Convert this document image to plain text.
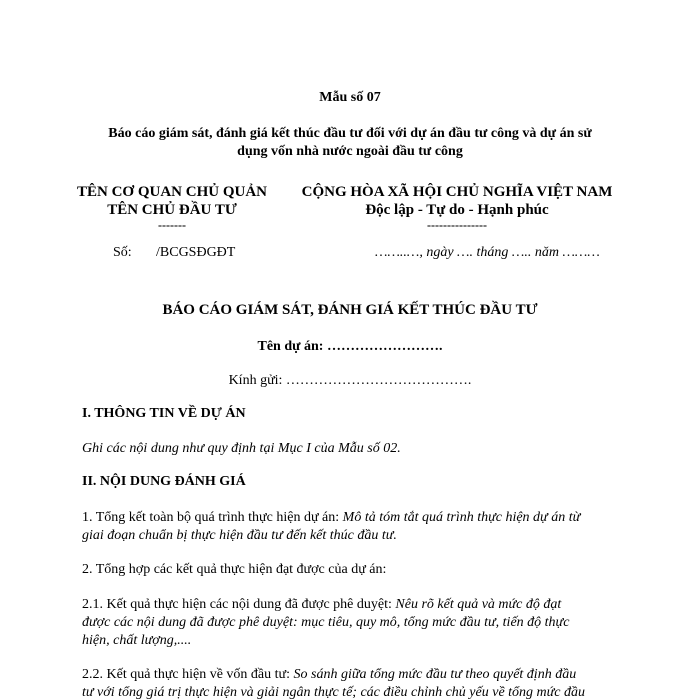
Mẫu số 07
Báo cáo giám sát, đánh giá kết thúc đầu tư đối với dự án đầu tư công và dự án sử
dụng vốn nhà nước ngoài đầu tư công
TÊN CƠ QUAN CHỦ QUẢN
TÊN CHỦ ĐẦU TƯ
-------
CỘNG HÒA XÃ HỘI CHỦ NGHĨA VIỆT NAM
Độc lập - Tự do - Hạnh phúc
---------------
Số: /BCGSĐGĐT	……..…, ngày …. tháng ….. năm ………
BÁO CÁO GIÁM SÁT, ĐÁNH GIÁ KẾT THÚC ĐẦU TƯ
Tên dự án: …………………….
Kính gửi: ………………………………….
I. THÔNG TIN VỀ DỰ ÁN
Ghi các nội dung như quy định tại Mục I của Mẫu số 02.
II. NỘI DUNG ĐÁNH GIÁ
1. Tổng kết toàn bộ quá trình thực hiện dự án: Mô tả tóm tắt quá trình thực hiện dự án từ
giai đoạn chuẩn bị thực hiện đầu tư đến kết thúc đầu tư.
2. Tổng hợp các kết quả thực hiện đạt được của dự án:
2.1. Kết quả thực hiện các nội dung đã được phê duyệt: Nêu rõ kết quả và mức độ đạt
được các nội dung đã được phê duyệt: mục tiêu, quy mô, tổng mức đầu tư, tiến độ thực
hiện, chất lượng,....
2.2. Kết quả thực hiện về vốn đầu tư: So sánh giữa tổng mức đầu tư theo quyết định đầu
tư với tổng giá trị thực hiện và giải ngân thực tế; các điều chỉnh chủ yếu về tổng mức đầu
